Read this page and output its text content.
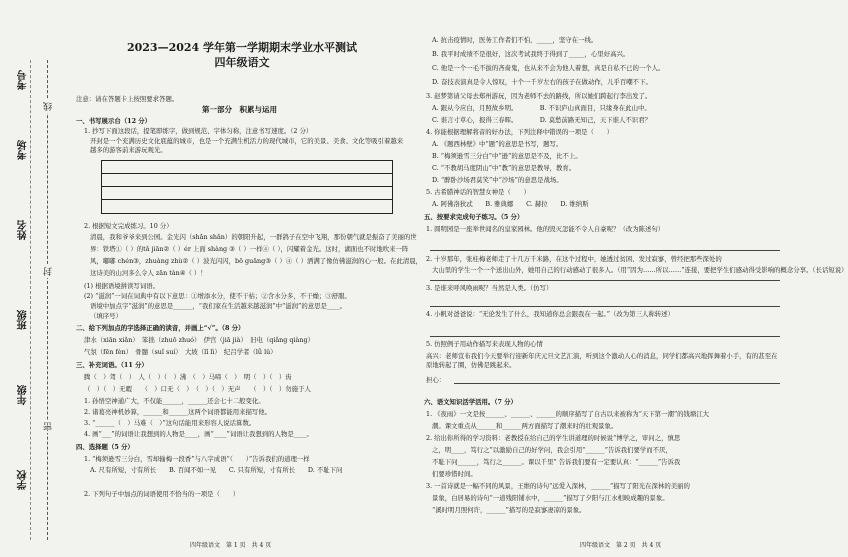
学校
年级
班级
姓名
考场
考号
密
封
线
2023—2024 学年第一学期期末学业水平测试
四年级语文
注意：请在答题卡上按照要求答题。
第一部分　积累与运用
一、书写展示台（12 分）
1. 抄写下面这段话，提笔即练字，做到规范、字体匀称，注意书写速度。（2 分）
开封是一个充满历史文化底蕴的城市，也是一个充满生机活力的现代城市，它的美景、美食、文化等吸引着越来越多的游客前来游玩观光。
2. 根据短文完成练习。10 分）
清晨，我和爷爷来到公园。金光闪（shǎn shǎn）的朝阳升起，一群鸽子在空中飞翔，那份朝气就是振奋了美丽的世
界：铁塔①（ ）的tǎ jiān②（ ）ér 上面 shàng ③（ ）一样④（ ），闪耀着金光。这时，湖面也不时地吹来一阵
风，嘟嘟 chén③，zhuàng zhù②（ ）波光闪闪，bō guāng③（ ）④（ ）洒满了像仿佛滋润的心一般。在此清晨，
这诗美的山河多么令人 zān tàn④（ ）！
(1) 根据语境拼读写词语。
(2) “滋润”一词在词典中有以下意思：①增添水分，使不干枯；②含水分多，不干燥；③舒服。
语境中加点字“滋润”的意思是______，“我们家在生活越来越滋润”中“滋润”的意思是____。
（填序号）
二、给下列加点的字选择正确的读音，并画上“√”。（8 分）
津水（xiān xiǎn）　笨拙（zhuō zhuó）　伊宫（jiā jià）　旧电（qiǎng qiàng）
气氛（fēn fèn）　骨髓（suǐ suí）　大坡（lǐ lì）　纪吕学者（lǚ lǔ）
三、补充词语。（11 分）
腾（　）驾（　）　人（　）（　）沸　（　）马啼（　）　明（　）（　）齿
（　）（　）无暇　　（　）口无（　）　（　）（　）无声　　（　）（　）勿施于人
1. 孙悟空神通广大，不仅能______，______还会七十二般变化。
2. 诸葛亮神机妙算，______和______这两个词语都能用来描写他。
3. “______（　）马难（　）”这句话能用来形容人说话算数。
4. 画“___”的词语让我想到的人物是____，画“____”词语让我想到的人物是____。
四、选择题（5 分）
1. “梅须逊雪三分白，雪却输梅一段香”与八字成语“（　　）”告诉我们的道理一样
A. 尺有所短，寸有所长　　B. 百闻不如一见　　C. 只有所短，寸有所长　　D. 不耻下问
2. 下列句子中加点的词语使用不恰当的一项是（　　）
A. 抗击疫情时，医务工作者们不怕，_____，坚守在一线。
B. 我平时成绩不是很好，这次考试我终于得到了_____，心里好高兴。
C. 他是一个一毛不拔的吝啬鬼，也从来不会为他人着想，真是自私不已的一个人。
D. 奋技表演真是令人惊叹，十个一千岁左右的孩子在做动作，儿乎百嘲不下。
3. 赵梦第请父母去郑州游玩，因为老师不去的路线，所以她们跨起行李出发了。
A. 跟从今应白，月照故乡明。　　　　B. 不识庐山真面目，只缘身在此山中。
C. 谁言寸草心，报得三春晖。　　　　D. 莫愁前路无知己，天下谁人不识君？
4. 你能根据理解将音的好办法，下列注释中错误的一项是（　　）
A. 《题西林壁》中“题”的意思是书写，题写。
B. “梅须逊雪三分白”中“逊”的意思是不及，比不上。
C. “不教胡马度阴山”中“教”的意思是教导，教育。
D. “醉卧沙场君莫笑”中“沙场”的意思是战场。
5. 古希腊神话的智慧女神是（　　）
A. 阿佛洛狄忒　　B. 雅典娜　　C. 赫拉　　D. 维纳斯
五、按要求完成句子练习。（5 分）
1. 圆明园是一座举世闻名的皇家园林。他的毁灭怎能不令人自豪呢？（改为陈述句）
2. 十岁那年，张桂梅老师走了十几万千米路，在这个过程中，她透过贫困、发过寂寥，曾经把那些深处的
大山里的学生一个一个送出山外，她用自己的行动感动了很多人。（用“因为……所以……”连接，要把学生们感动得受影响的概念分享。（长话短说）
3. 是谁来呼风唤雨呢？当然是人类。（仿写）
4. 小帆对爸爸说：“无论发生了什么，我知道你总会跟我在一起。”（改为第三人称转述）
5. 仿照例子用动作描写来表现人物的心情
高兴：老师宣布我们今天要举行迎新年庆元旦文艺汇演，听到这个激动人心的消息，同学们都高兴地挥舞着小手，有的甚至在原地转起了圈，仿佛是跳起来。
担心：
六、语文知识活学活用。（7 分）
1. 《夜雨》一文是按______、______、______的顺序描写了自古以来被称为“天下第一潮”的钱塘江大
潮。课文重点从______和______两方面描写了潮来时的壮观景象。
2. 给出你所得的学习资料：老教授在给自己的学生讲道理的时候说“博学之，审问之，慎思
之，明____，笃行之”以激励自己的好学问，我会引用“______”告诉我们要学而不厌，
不耻下问______，笃行之______。课以千里” 告诉我们要有一定要认真：“______”告诉我
们要珍惜时间。
3. 一首诗就是一幅不同的风景，王维的诗句“远爱入深林，______”描写了阳光在深林的美丽的
景象，白居易的诗句“一道残阳铺水中，______”描写了夕阳与江水相映成趣的景象。
“溪时明月照何许，______”描写的是寂寥凄凉的景象。
四年级语文　第 1 页　共 4 页	四年级语文　第 2 页　共 4 页
